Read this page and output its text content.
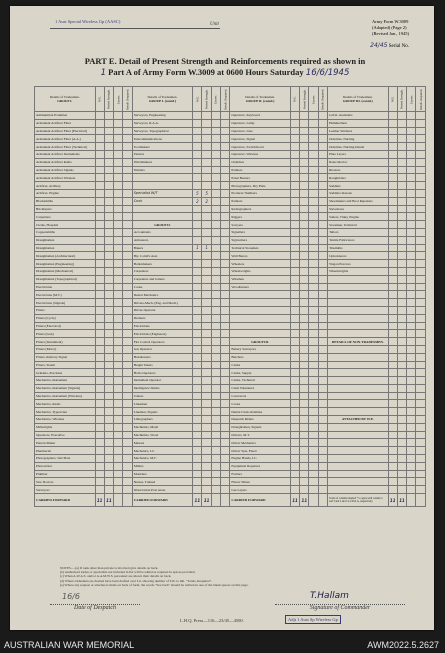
1 Aust Special Wireless Gp (AASC)
Unit
Army Form W.3009
(Adapted) (Page 2)
(Revised Jan., 1945)
24/45 Serial No.
PART E. Detail of Present Strength and Reinforcements required as shown in
1 Part A of Army Form W.3009 at 0600 Hours Saturday 16/6/1945
Details of Tradesmen.
GROUP I.	W.E.	Posted Strength.	Excess.	Reinfs. Required.	Details of Tradesmen.
GROUP I. (contd.)	W.E.	Posted Strength.	Excess.	Reinfs. Required.	Details of Tradesmen.
GROUP II. (contd.)	W.E.	Posted Strength.	Excess.	Reinfs. Required.	Details of Tradesmen.
GROUP III. (contd.)	W.E.	Posted Strength.	Excess.	Reinfs. Required.
Ammunition Examiner					Surveyors, Engineering					Operators, Keyboard					G.P.O. Assistants				
Armament Artificer Fitter					Surveyors, R.A.A.					Operators, Lamp					Hammermen				
Armament Artificer Fitter (Electrical)					Surveyors, Topographical					Operators, Line					Leather Stitchers				
Armament Artificer Fitter (A.A.)					Telecommunications					Operators, Signal					Orderlies, Nursing				
Armament Artificer Fitter (Technical)					Toolmakers					Operators, Switchboard					Orderlies, Nursing Dental				
Armament Artificer Instruments					Turners					Operators, Wireless					Plate Layers				
Armament Artificer Radio					Watchmakers					Orderlies					Ratecollector				
Armament Artificer Signals					Welders					Painters					Riveters				
Armament Artificer Wireless										Panel Beaters					Roughriders				
Artificer, Artillery										Photographers, Dry Plate					Saddlers				
Artificer, Engine					Specialist W/T	5	5			Producer Numbers					Saddlers masons				
Blacksmiths					Cook	2	2			Painters					Shoemakers and Boot Repairers				
Bricklayers										Radiographers					Stevedores				
Carpenters										Riggers					Sailers, Tinky, Engine				
Clerks, Hospital					GROUP II.					Sawyers					Storemen, Technical				
Coppersmiths					Accountants					Signallers					Tailors				
Draughtsmen					Armourers					Signwriters					Textile Fabricators				
Draughtsmen					Bakers	1	1			Technical Storemen					Tinsmiths				
Draughtsmen (Architectural)					Bty. Comd's Asst.					Wall Barers					Upholsterers				
Draughtsmen (Engineering)					Boilermakers					Wheelers					Wagon Erectors				
Draughtsmen (Mechanical)					Carpenters					Wheelwrights					Wheelwrights				
Draughtsmen (Topographical)					Carpenters and Joiners					Wiremen									
Electricians					Cooks					Woodturners									
Electricians (M.T.)					Dental Mechanics														
Electricians (Signals)					Drivers-Mech. (Eng. and Mech.)														
Fitters					Driver-Operator														
Fitters (Cycle)					Drainers														
Fitters (Electrical)					Electricians														
Fitters (Gun)					Electricians (Engineers)														
Fitters (Instrument)					Fire Control Operators					GROUP III.					DETAILS OF NON-TRADESMEN.				
Fitters (Motor)					Gas Operator					Battery Surveyors									
Fitters, Railway Signal					Hairdressers					Butchers									
Fitters, Steam					Height Takers					Clerks									
Grinders, Precision					Hollo Operators					Clerks, Supply									
Mechanics, Instrument					Instrument Operator					Clerks, Technical									
Mechanics, Instrument (Signals)					Intelligence Duties					Clerk Volunteers									
Mechanics, Instrument (Wireless)					Joiners					Concretors									
Mechanics, Radio					Linesmen					Cooks									
Mechanics, Typewriter					Linemen, Signals					Dental Clerk Orderlies									
Mechanics, Wireless					Lithographers					Despatch Riders					ATTACHED BY W.E.				
Millwrights					Machinists, Metal					Draughtsmen, Signals									
Operators, Executive					Machinists, Wood					Drivers, M.T.									
Pattern Maker					Masons					Driver Mechanics									
Pharmacist					Mechanics, I.C.					Driver Tpts, Fixed									
Photographers, Wet Plate					Mechanics, M.T.					Engine Hands, I.C.									
Photowriter					Millers					Equipment Repairers									
Plumber					Moulders					Farriers									
Saw Doctors					Nurses, Trained					Fitters' Mates									
Surveyors					Observation Post Assts.					Gas Layers									
CARRIED FORWARD	11	11			CARRIED FORWARD	11	11			CARRIED FORWARD	11	11			Totals of columns marked * to agree with column 2 and 3 and 2 and 14 of Part A, respectively.	11	11		
NOTES.—(a) If rank other than private is involved give details on back.
(b) Authorized trades or specialists not included in list will be added as required in spaces provided.
(c) When A.W.A.S. and/or A.A.M.W.S. personnel are shown their details on back.
(d) Where tradesmen are desired have been drafted over Ltr. showing number of T.R. to mil. "Totals, Required".
(e) Where any request or attaches is made on back of form, the words "See back" should be written in one of the blank spaces on this page.
16/6
Date of Despatch
T.Hallam
Signature of Commander
L.H.Q. Press—116—23/45—4500.	Adjt 1 Aust Sp Wireless Gp
AUSTRALIAN WAR MEMORIAL	AWM2022.5.2627
